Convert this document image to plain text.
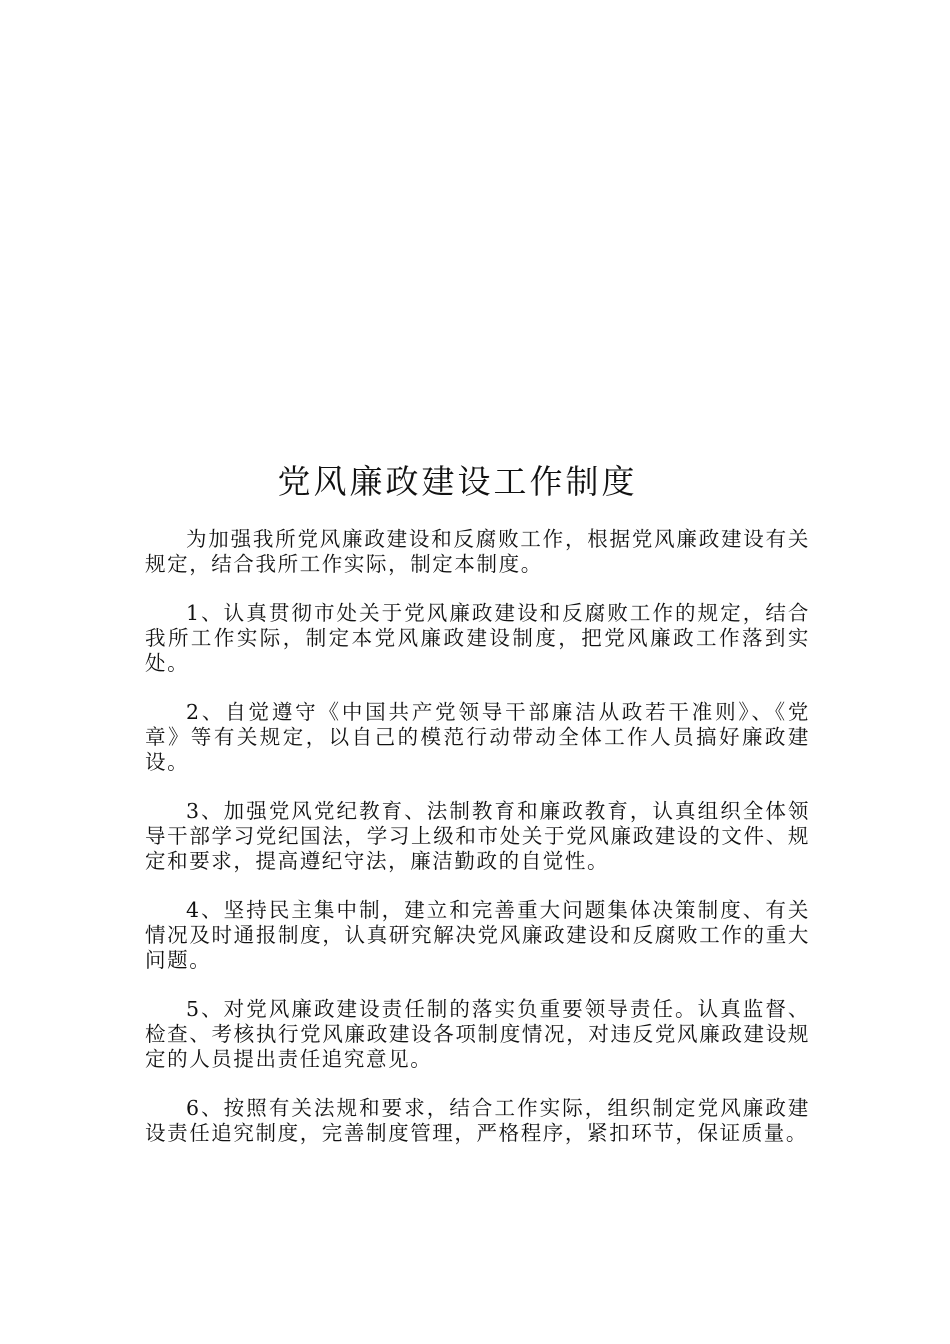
党风廉政建设工作制度

为加强我所党风廉政建设和反腐败工作，根据党风廉政建设有关规定，结合我所工作实际，制定本制度。

1、认真贯彻市处关于党风廉政建设和反腐败工作的规定，结合我所工作实际，制定本党风廉政建设制度，把党风廉政工作落到实处。

2、自觉遵守《中国共产党领导干部廉洁从政若干准则》、《党章》等有关规定，以自己的模范行动带动全体工作人员搞好廉政建设。

3、加强党风党纪教育、法制教育和廉政教育，认真组织全体领导干部学习党纪国法，学习上级和市处关于党风廉政建设的文件、规定和要求，提高遵纪守法，廉洁勤政的自觉性。

4、坚持民主集中制，建立和完善重大问题集体决策制度、有关情况及时通报制度，认真研究解决党风廉政建设和反腐败工作的重大问题。

5、对党风廉政建设责任制的落实负重要领导责任。认真监督、检查、考核执行党风廉政建设各项制度情况，对违反党风廉政建设规定的人员提出责任追究意见。

6、按照有关法规和要求，结合工作实际，组织制定党风廉政建设责任追究制度，完善制度管理，严格程序，紧扣环节，保证质量。
